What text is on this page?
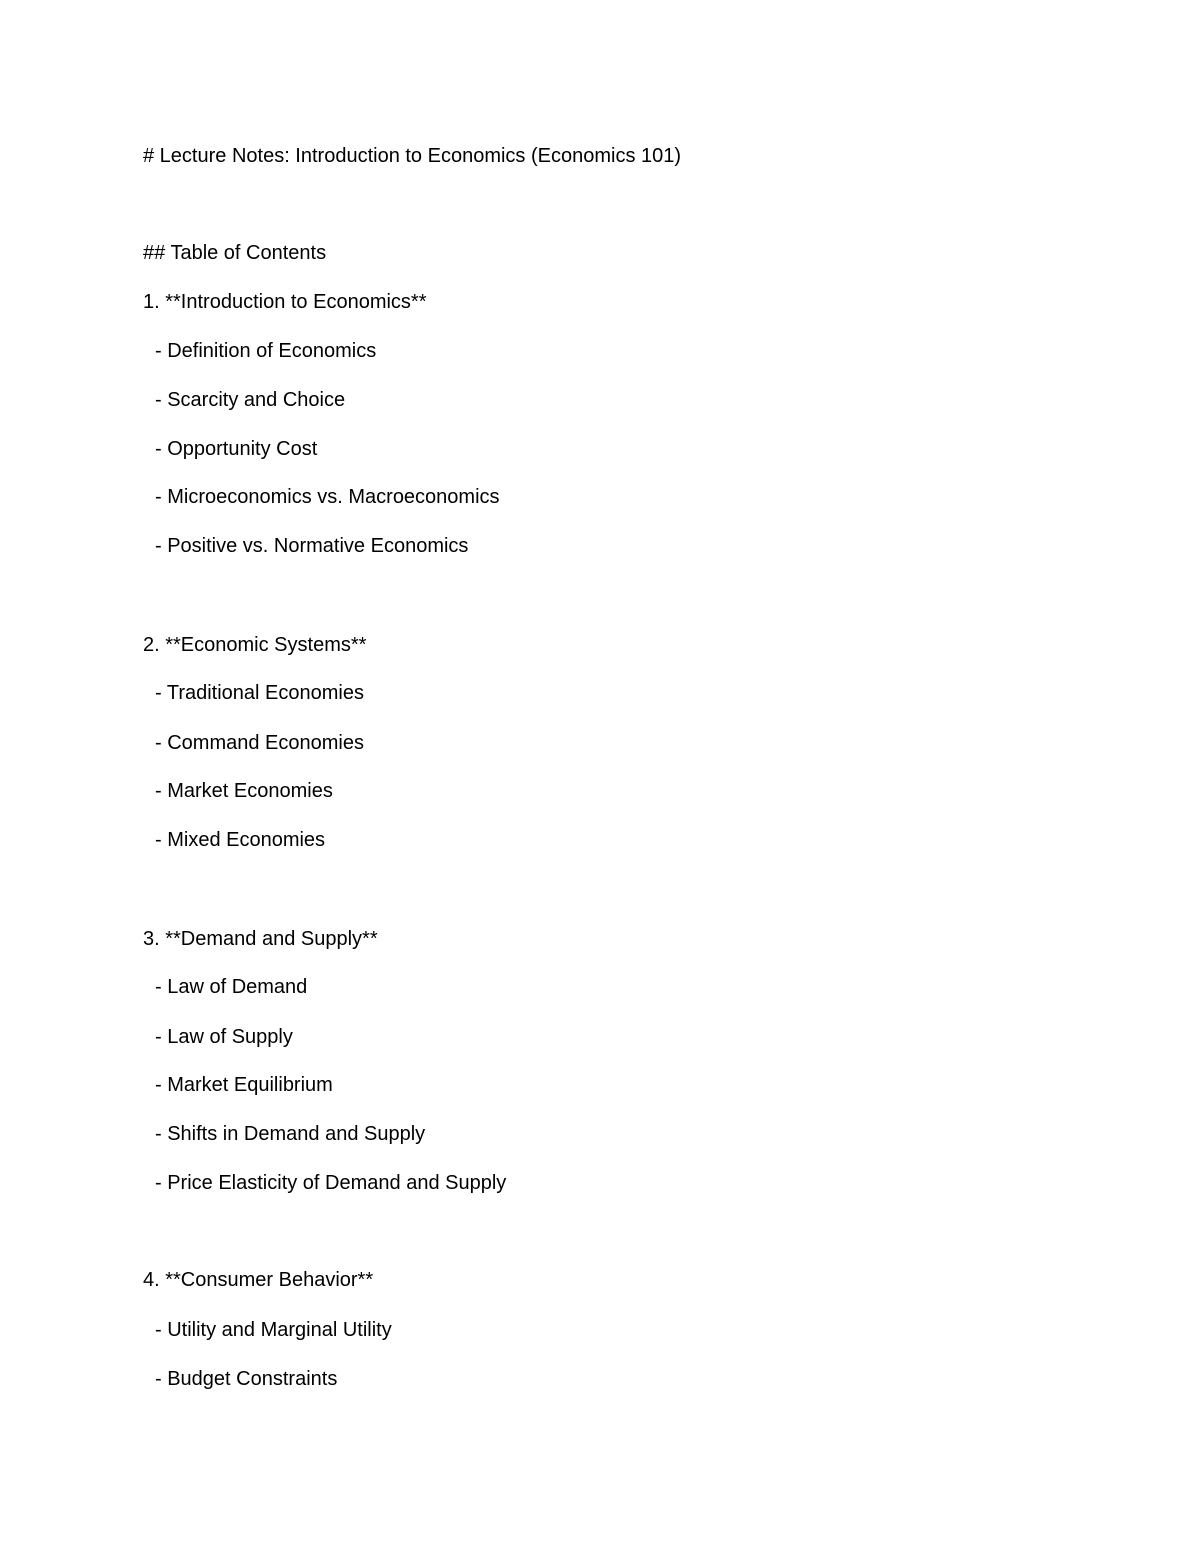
# Lecture Notes: Introduction to Economics (Economics 101)
## Table of Contents
1. **Introduction to Economics**
- Definition of Economics
- Scarcity and Choice
- Opportunity Cost
- Microeconomics vs. Macroeconomics
- Positive vs. Normative Economics
2. **Economic Systems**
- Traditional Economies
- Command Economies
- Market Economies
- Mixed Economies
3. **Demand and Supply**
- Law of Demand
- Law of Supply
- Market Equilibrium
- Shifts in Demand and Supply
- Price Elasticity of Demand and Supply
4. **Consumer Behavior**
- Utility and Marginal Utility
- Budget Constraints
